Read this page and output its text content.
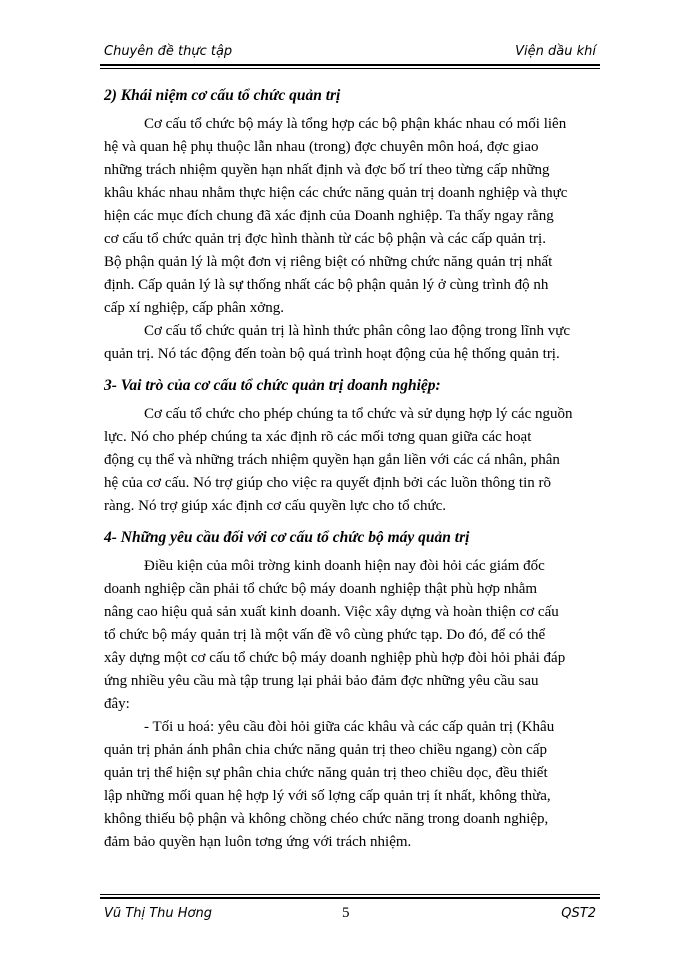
Chuyên đề thực tập	Viện dầu khí
2) Khái niệm cơ cấu tổ chức quản trị

Cơ cấu tổ chức bộ máy là tổng hợp các bộ phận khác nhau có mối liên
hệ và quan hệ phụ thuộc lẫn nhau (trong) đợc chuyên môn hoá, đợc giao
những trách nhiệm quyền hạn nhất định và đợc bố trí theo từng cấp những
khâu khác nhau nhằm thực hiện các chức năng quản trị doanh nghiệp và thực
hiện các mục đích chung đã xác định của Doanh nghiệp. Ta thấy ngay rằng
cơ cấu tổ chức quản trị đợc hình thành từ các bộ phận và các cấp quản trị.
Bộ phận quản lý là một đơn vị riêng biệt có những chức năng quản trị nhất
định. Cấp quản lý là sự thống nhất các bộ phận quản lý ở cùng trình độ nh
cấp xí nghiệp, cấp phân xởng.

Cơ cấu tổ chức quản trị là hình thức phân công lao động trong lĩnh vực
quản trị. Nó tác động đến toàn bộ quá trình hoạt động của hệ thống quản trị.

3- Vai trò của cơ cấu tổ chức quản trị doanh nghiệp:

Cơ cấu tổ chức cho phép chúng ta tổ chức và sử dụng hợp lý các nguồn
lực. Nó cho phép chúng ta xác định rõ các mối tơng quan giữa các hoạt
động cụ thể và những trách nhiệm quyền hạn gắn liền với các cá nhân, phân
hệ của cơ cấu. Nó trợ giúp cho việc ra quyết định bởi các luồn thông tin rõ
ràng. Nó trợ giúp xác định cơ cấu quyền lực cho tổ chức.

4- Những yêu cầu đối với cơ cấu tổ chức bộ máy quản trị

Điều kiện của môi trờng kinh doanh hiện nay đòi hỏi các giám đốc
doanh nghiệp cần phải tổ chức bộ máy doanh nghiệp thật phù hợp nhằm
nâng cao hiệu quả sản xuất kinh doanh. Việc xây dựng và hoàn thiện cơ cấu
tổ chức bộ máy quản trị là một vấn đề vô cùng phức tạp. Do đó, để có thể
xây dựng một cơ cấu tổ chức bộ máy doanh nghiệp phù hợp đòi hỏi phải đáp
ứng nhiều yêu cầu mà tập trung lại phải bảo đảm đợc những yêu cầu sau
đây:

- Tối u hoá: yêu cầu đòi hỏi giữa các khâu và các cấp quản trị (Khâu
quản trị phản ánh phân chia chức năng quản trị theo chiều ngang) còn cấp
quản trị thể hiện sự phân chia chức năng quản trị theo chiều dọc, đều thiết
lập những mối quan hệ hợp lý với số lợng cấp quản trị ít nhất, không thừa,
không thiếu bộ phận và không chồng chéo chức năng trong doanh nghiệp,
đảm bảo quyền hạn luôn tơng ứng với trách nhiệm.

Vũ Thị Thu Hơng	5	QST2
